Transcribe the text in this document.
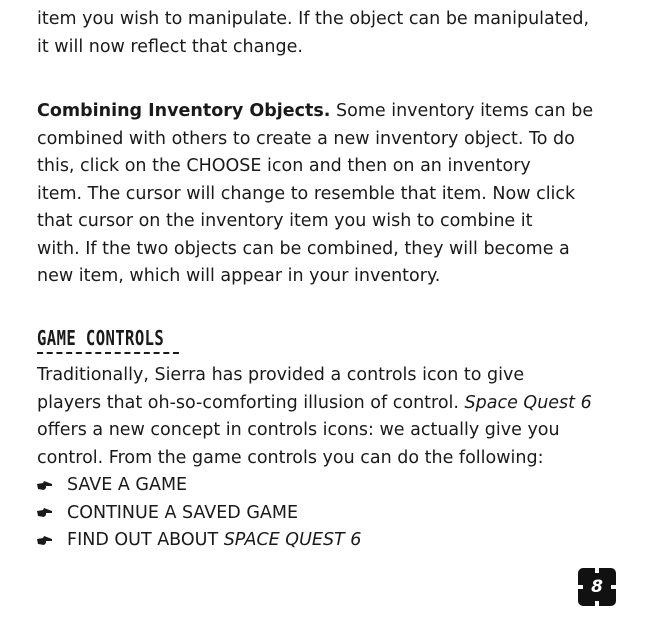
item you wish to manipulate. If the object can be manipulated,
it will now reflect that change.
Combining Inventory Objects. Some inventory items can be
combined with others to create a new inventory object. To do
this, click on the CHOOSE icon and then on an inventory
item. The cursor will change to resemble that item. Now click
that cursor on the inventory item you wish to combine it
with. If the two objects can be combined, they will become a
new item, which will appear in your inventory.
GAME CONTROLS
Traditionally, Sierra has provided a controls icon to give
players that oh-so-comforting illusion of control. Space Quest 6
offers a new concept in controls icons: we actually give you
control. From the game controls you can do the following:
SAVE A GAME
CONTINUE A SAVED GAME
FIND OUT ABOUT SPACE QUEST 6
8
